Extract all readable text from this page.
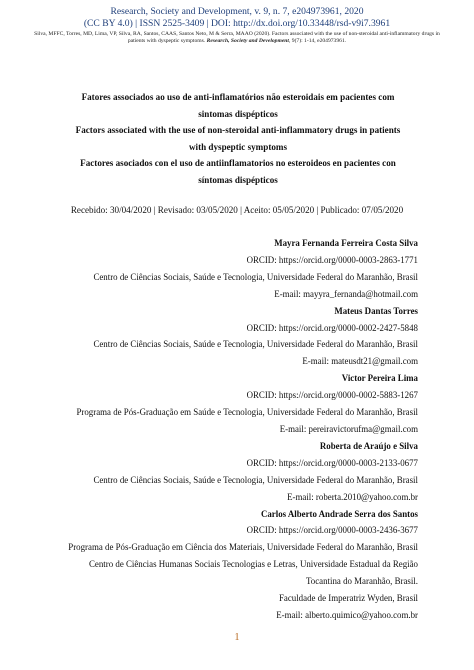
Research, Society and Development, v. 9, n. 7, e204973961, 2020
(CC BY 4.0) | ISSN 2525-3409 | DOI: http://dx.doi.org/10.33448/rsd-v9i7.3961
Silva, MFFC, Torres, MD, Lima, VP, Silva, RA, Santos, CAAS, Santos Neto, M & Serra, MAAO (2020). Factors associated with the use of non-steroidal anti-inflammatory drugs in patients with dyspeptic symptoms. Research, Society and Development, 9(7): 1-14, e204973961.
Fatores associados ao uso de anti-inflamatórios não esteroidais em pacientes com
sintomas dispépticos
Factors associated with the use of non-steroidal anti-inflammatory drugs in patients
with dyspeptic symptoms
Factores asociados con el uso de antiinflamatorios no esteroideos en pacientes con
síntomas dispépticos
Recebido: 30/04/2020 | Revisado: 03/05/2020 | Aceito: 05/05/2020 | Publicado: 07/05/2020
Mayra Fernanda Ferreira Costa Silva
ORCID: https://orcid.org/0000-0003-2863-1771
Centro de Ciências Sociais, Saúde e Tecnologia, Universidade Federal do Maranhão, Brasil
E-mail: mayyra_fernanda@hotmail.com
Mateus Dantas Torres
ORCID: https://orcid.org/0000-0002-2427-5848
Centro de Ciências Sociais, Saúde e Tecnologia, Universidade Federal do Maranhão, Brasil
E-mail: mateusdt21@gmail.com
Victor Pereira Lima
ORCID: https://orcid.org/0000-0002-5883-1267
Programa de Pós-Graduação em Saúde e Tecnologia, Universidade Federal do Maranhão, Brasil
E-mail: pereiravictorufma@gmail.com
Roberta de Araújo e Silva
ORCID: https://orcid.org/0000-0003-2133-0677
Centro de Ciências Sociais, Saúde e Tecnologia, Universidade Federal do Maranhão, Brasil
E-mail: roberta.2010@yahoo.com.br
Carlos Alberto Andrade Serra dos Santos
ORCID: https://orcid.org/0000-0003-2436-3677
Programa de Pós-Graduação em Ciência dos Materiais, Universidade Federal do Maranhão, Brasil
Centro de Ciências Humanas Sociais Tecnologias e Letras, Universidade Estadual da Região
Tocantina do Maranhão, Brasil.
Faculdade de Imperatriz Wyden, Brasil
E-mail: alberto.quimico@yahoo.com.br
1
